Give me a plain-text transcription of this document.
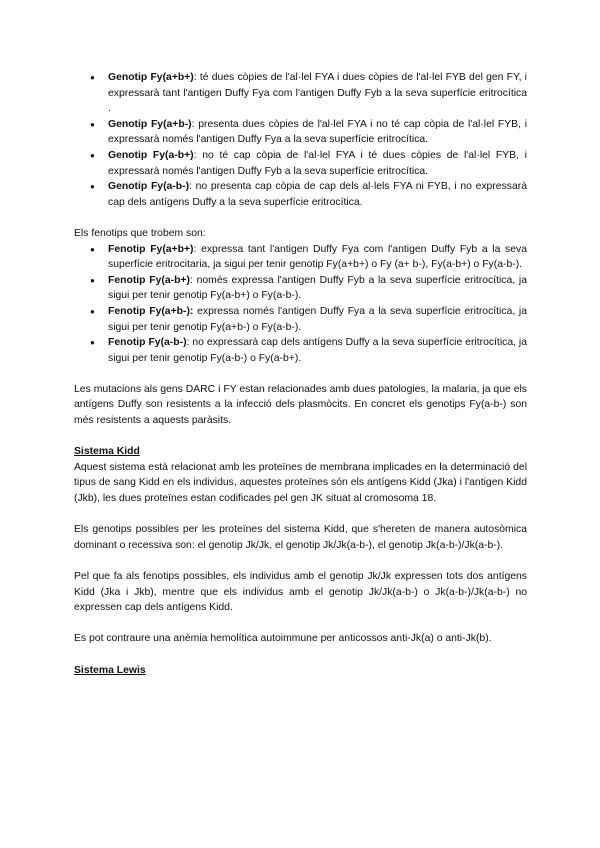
● Genotip Fy(a+b+): té dues còpies de l'al·lel FYA i dues còpies de l'al·lel FYB del gen FY, i expressarà tant l'antigen Duffy Fya com l'antigen Duffy Fyb a la seva superfície eritrocítica .
● Genotip Fy(a+b-): presenta dues còpies de l'al·lel FYA i no té cap còpia de l'al·lel FYB, i expressarà només l'antigen Duffy Fya a la seva superfície eritrocítica.
● Genotip Fy(a-b+): no té cap còpia de l'al·lel FYA i té dues còpies de l'al·lel FYB, i expressarà només l'antigen Duffy Fyb a la seva superfície eritrocítica.
● Genotip Fy(a-b-): no presenta cap còpia de cap dels al·lels FYA ni FYB, i no expressarà cap dels antígens Duffy a la seva superfície eritrocítica.

Els fenotips que trobem son:

● Fenotip Fy(a+b+): expressa tant l'antigen Duffy Fya com l'antigen Duffy Fyb a la seva superfície eritrocitaria, ja sigui per tenir genotip Fy(a+b+) o Fy (a+ b-), Fy(a-b+) o Fy(a-b-).
● Fenotip Fy(a-b+): només expressa l'antigen Duffy Fyb a la seva superfície eritrocítica, ja sigui per tenir genotip Fy(a-b+) o Fy(a-b-).
● Fenotip Fy(a+b-): expressa només l'antigen Duffy Fya a la seva superfície eritrocítica, ja sigui per tenir genotip Fy(a+b-) o Fy(a-b-).
● Fenotip Fy(a-b-): no expressarà cap dels antígens Duffy a la seva superfície eritrocítica, ja sigui per tenir genotip Fy(a-b-) o Fy(a-b+).

Les mutacions als gens DARC i FY estan relacionades amb dues patologies, la malaria, ja que els antígens Duffy son resistents a la infecció dels plasmòcits. En concret els genotips Fy(a-b-) son més resistents a aquests paràsits.

Sistema Kidd

Aquest sistema està relacionat amb les proteïnes de membrana implicades en la determinació del tipus de sang Kidd en els individus, aquestes proteïnes són els antígens Kidd (Jka) i l'antigen Kidd (Jkb), les dues proteïnes estan codificades pel gen JK situat al cromosoma 18.

Els genotips possibles per les proteïnes del sistema Kidd, que s'hereten de manera autosòmica dominant o recessiva son: el genotip Jk/Jk, el genotip Jk/Jk(a-b-), el genotip Jk(a-b-)/Jk(a-b-).

Pel que fa als fenotips possibles, els individus amb el genotip Jk/Jk expressen tots dos antígens Kidd (Jka i Jkb), mentre que els individus amb el genotip Jk/Jk(a-b-) o Jk(a-b-)/Jk(a-b-) no expressen cap dels antígens Kidd.

Es pot contraure una anèmia hemolítica autoimmune per anticossos anti-Jk(a) o anti-Jk(b).

Sistema Lewis
